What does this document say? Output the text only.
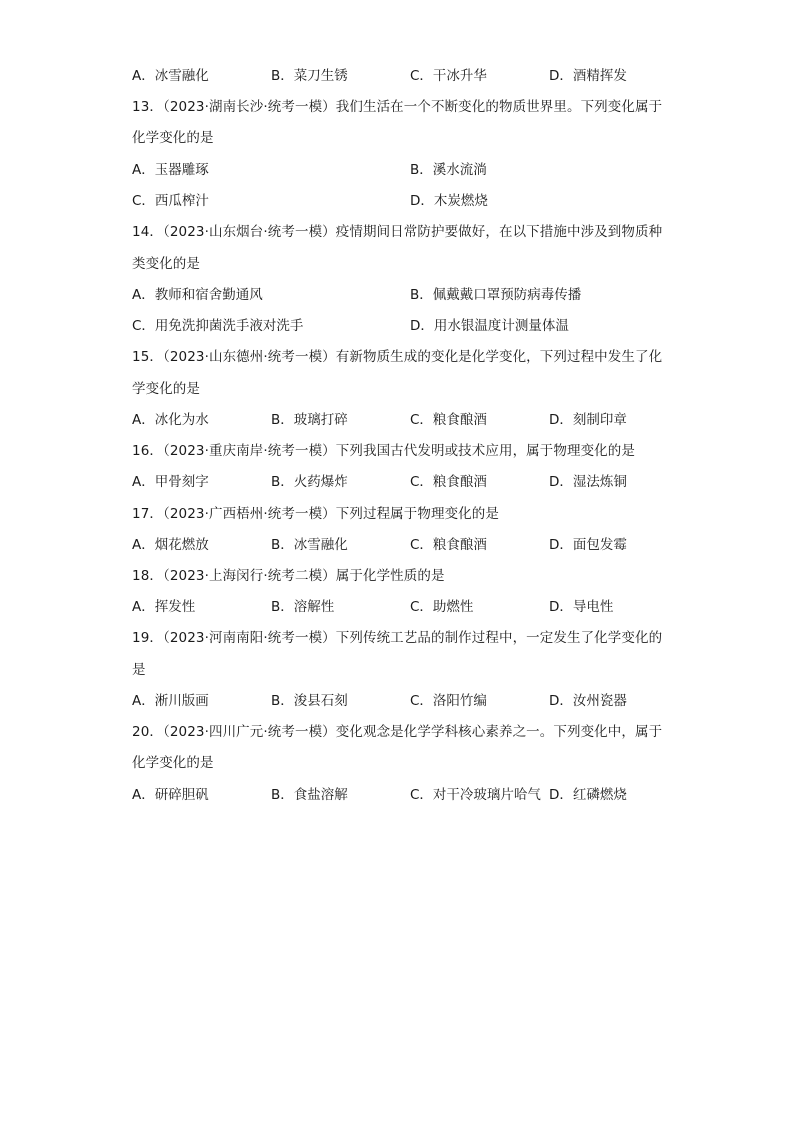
A．冰雪融化	B．菜刀生锈	C．干冰升华	D．酒精挥发
13．（2023·湖南长沙·统考一模）我们生活在一个不断变化的物质世界里。下列变化属于
化学变化的是
A．玉器雕琢	B．溪水流淌
C．西瓜榨汁	D．木炭燃烧
14．（2023·山东烟台·统考一模）疫情期间日常防护要做好，在以下措施中涉及到物质种
类变化的是
A．教师和宿舍勤通风	B．佩戴戴口罩预防病毒传播
C．用免洗抑菌洗手液对洗手	D．用水银温度计测量体温
15．（2023·山东德州·统考一模）有新物质生成的变化是化学变化，下列过程中发生了化
学变化的是
A．冰化为水	B．玻璃打碎	C．粮食酿酒	D．刻制印章
16．（2023·重庆南岸·统考一模）下列我国古代发明或技术应用，属于物理变化的是
A．甲骨刻字	B．火药爆炸	C．粮食酿酒	D．湿法炼铜
17．（2023·广西梧州·统考一模）下列过程属于物理变化的是
A．烟花燃放	B．冰雪融化	C．粮食酿酒	D．面包发霉
18．（2023·上海闵行·统考二模）属于化学性质的是
A．挥发性	B．溶解性	C．助燃性	D．导电性
19．（2023·河南南阳·统考一模）下列传统工艺品的制作过程中，一定发生了化学变化的
是
A．淅川版画	B．浚县石刻	C．洛阳竹编	D．汝州瓷器
20．（2023·四川广元·统考一模）变化观念是化学学科核心素养之一。下列变化中，属于
化学变化的是
A．研碎胆矾	B．食盐溶解	C．对干冷玻璃片哈气 D．红磷燃烧
